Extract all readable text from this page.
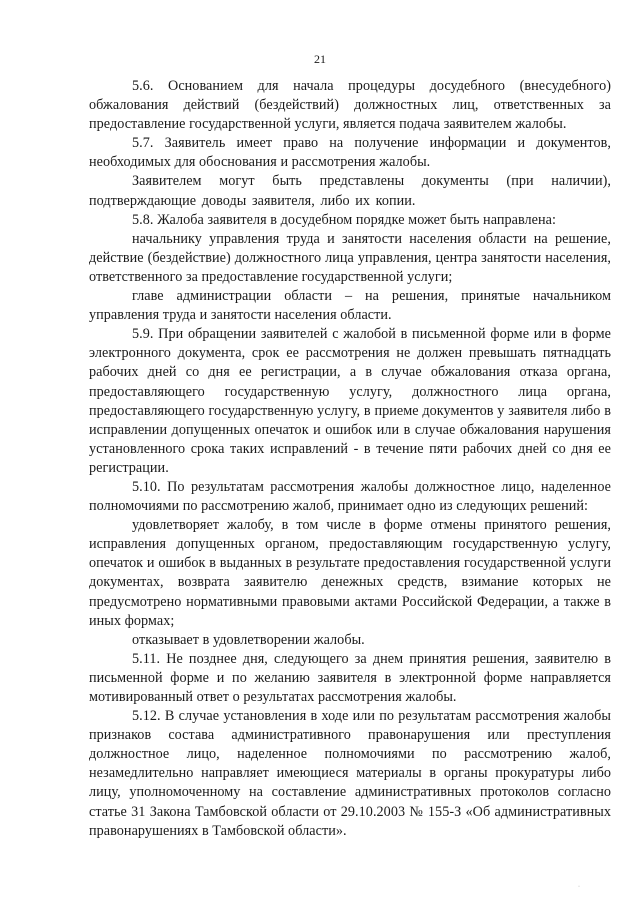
21

5.6. Основанием для начала процедуры досудебного (внесудебного) обжалования действий (бездействий) должностных лиц, ответственных за предоставление государственной услуги, является подача заявителем жалобы.

5.7. Заявитель имеет право на получение информации и документов, необходимых для обоснования и рассмотрения жалобы.

Заявителем могут быть представлены документы (при наличии), подтверждающие доводы заявителя, либо их копии.

5.8. Жалоба заявителя в досудебном порядке может быть направлена:

начальнику управления труда и занятости населения области на решение, действие (бездействие) должностного лица управления, центра занятости населения, ответственного за предоставление государственной услуги;

главе администрации области – на решения, принятые начальником управления труда и занятости населения области.

5.9. При обращении заявителей с жалобой в письменной форме или в форме электронного документа, срок ее рассмотрения не должен превышать пятнадцать рабочих дней со дня ее регистрации, а в случае обжалования отказа органа, предоставляющего государственную услугу, должностного лица органа, предоставляющего государственную услугу, в приеме документов у заявителя либо в исправлении допущенных опечаток и ошибок или в случае обжалования нарушения установленного срока таких исправлений - в течение пяти рабочих дней со дня ее регистрации.

5.10. По результатам рассмотрения жалобы должностное лицо, наделенное полномочиями по рассмотрению жалоб, принимает одно из следующих решений:

удовлетворяет жалобу, в том числе в форме отмены принятого решения, исправления допущенных органом, предоставляющим государственную услугу, опечаток и ошибок в выданных в результате предоставления государственной услуги документах, возврата заявителю денежных средств, взимание которых не предусмотрено нормативными правовыми актами Российской Федерации, а также в иных формах;

отказывает в удовлетворении жалобы.

5.11. Не позднее дня, следующего за днем принятия решения, заявителю в письменной форме и по желанию заявителя в электронной форме направляется мотивированный ответ о результатах рассмотрения жалобы.

5.12. В случае установления в ходе или по результатам рассмотрения жалобы признаков состава административного правонарушения или преступления должностное лицо, наделенное полномочиями по рассмотрению жалоб, незамедлительно направляет имеющиеся материалы в органы прокуратуры либо лицу, уполномоченному на составление административных протоколов согласно статье 31 Закона Тамбовской области от 29.10.2003 № 155-З «Об административных правонарушениях в Тамбовской области».

·
